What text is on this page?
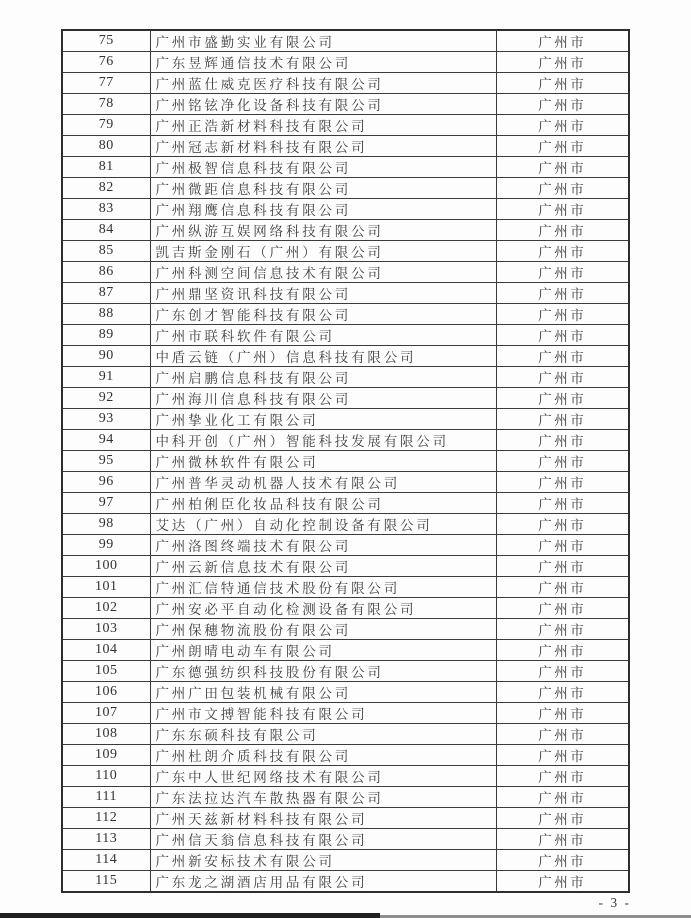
75	广州市盛勤实业有限公司	广州市
76	广东昱辉通信技术有限公司	广州市
77	广州蓝仕威克医疗科技有限公司	广州市
78	广州铭铉净化设备科技有限公司	广州市
79	广州正浩新材料科技有限公司	广州市
80	广州冠志新材料科技有限公司	广州市
81	广州极智信息科技有限公司	广州市
82	广州微距信息科技有限公司	广州市
83	广州翔鹰信息科技有限公司	广州市
84	广州纵游互娱网络科技有限公司	广州市
85	凯吉斯金刚石（广州）有限公司	广州市
86	广州科测空间信息技术有限公司	广州市
87	广州鼎坚资讯科技有限公司	广州市
88	广东创才智能科技有限公司	广州市
89	广州市联科软件有限公司	广州市
90	中盾云链（广州）信息科技有限公司	广州市
91	广州启鹏信息科技有限公司	广州市
92	广州海川信息科技有限公司	广州市
93	广州挚业化工有限公司	广州市
94	中科开创（广州）智能科技发展有限公司	广州市
95	广州微林软件有限公司	广州市
96	广州普华灵动机器人技术有限公司	广州市
97	广州柏俐臣化妆品科技有限公司	广州市
98	艾达（广州）自动化控制设备有限公司	广州市
99	广州洛图终端技术有限公司	广州市
100	广州云新信息技术有限公司	广州市
101	广州汇信特通信技术股份有限公司	广州市
102	广州安必平自动化检测设备有限公司	广州市
103	广州保穗物流股份有限公司	广州市
104	广州朗晴电动车有限公司	广州市
105	广东德强纺织科技股份有限公司	广州市
106	广州广田包装机械有限公司	广州市
107	广州市文搏智能科技有限公司	广州市
108	广东东硕科技有限公司	广州市
109	广州杜朗介质科技有限公司	广州市
110	广东中人世纪网络技术有限公司	广州市
111	广东法拉达汽车散热器有限公司	广州市
112	广州天兹新材料科技有限公司	广州市
113	广州信天翁信息科技有限公司	广州市
114	广州新安标技术有限公司	广州市
115	广东龙之湖酒店用品有限公司	广州市
- 3 -
